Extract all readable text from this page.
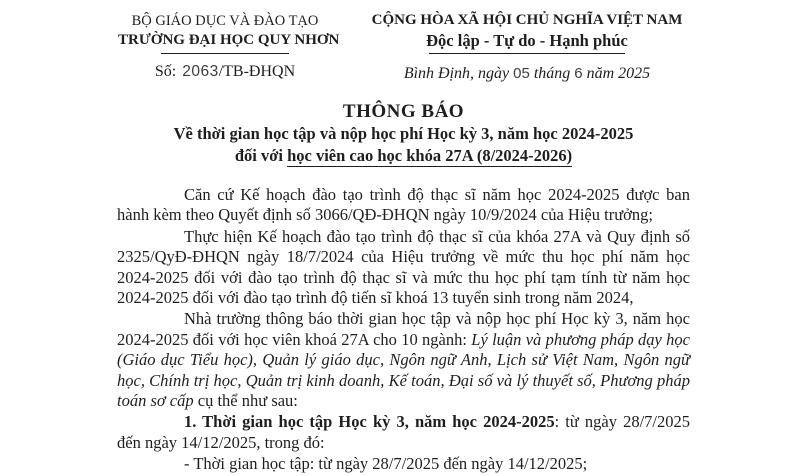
BỘ GIÁO DỤC VÀ ĐÀO TẠO
TRƯỜNG ĐẠI HỌC QUY NHƠN
Số: 2063/TB-ĐHQN
CỘNG HÒA XÃ HỘI CHỦ NGHĨA VIỆT NAM
Độc lập - Tự do - Hạnh phúc
Bình Định, ngày 05 tháng 6 năm 2025
THÔNG BÁO
Về thời gian học tập và nộp học phí Học kỳ 3, năm học 2024-2025
đối với học viên cao học khóa 27A (8/2024-2026)

Căn cứ Kế hoạch đào tạo trình độ thạc sĩ năm học 2024-2025 được ban hành kèm theo Quyết định số 3066/QĐ-ĐHQN ngày 10/9/2024 của Hiệu trưởng;

Thực hiện Kế hoạch đào tạo trình độ thạc sĩ của khóa 27A và Quy định số 2325/QyĐ-ĐHQN ngày 18/7/2024 của Hiệu trưởng về mức thu học phí năm học 2024-2025 đối với đào tạo trình độ thạc sĩ và mức thu học phí tạm tính từ năm học 2024-2025 đối với đào tạo trình độ tiến sĩ khoá 13 tuyển sinh trong năm 2024,

Nhà trường thông báo thời gian học tập và nộp học phí Học kỳ 3, năm học 2024-2025 đối với học viên khoá 27A cho 10 ngành: Lý luận và phương pháp dạy học (Giáo dục Tiểu học), Quản lý giáo dục, Ngôn ngữ Anh, Lịch sử Việt Nam, Ngôn ngữ học, Chính trị học, Quản trị kinh doanh, Kế toán, Đại số và lý thuyết số, Phương pháp toán sơ cấp cụ thể như sau:

1. Thời gian học tập Học kỳ 3, năm học 2024-2025: từ ngày 28/7/2025 đến ngày 14/12/2025, trong đó:

- Thời gian học tập: từ ngày 28/7/2025 đến ngày 14/12/2025;
